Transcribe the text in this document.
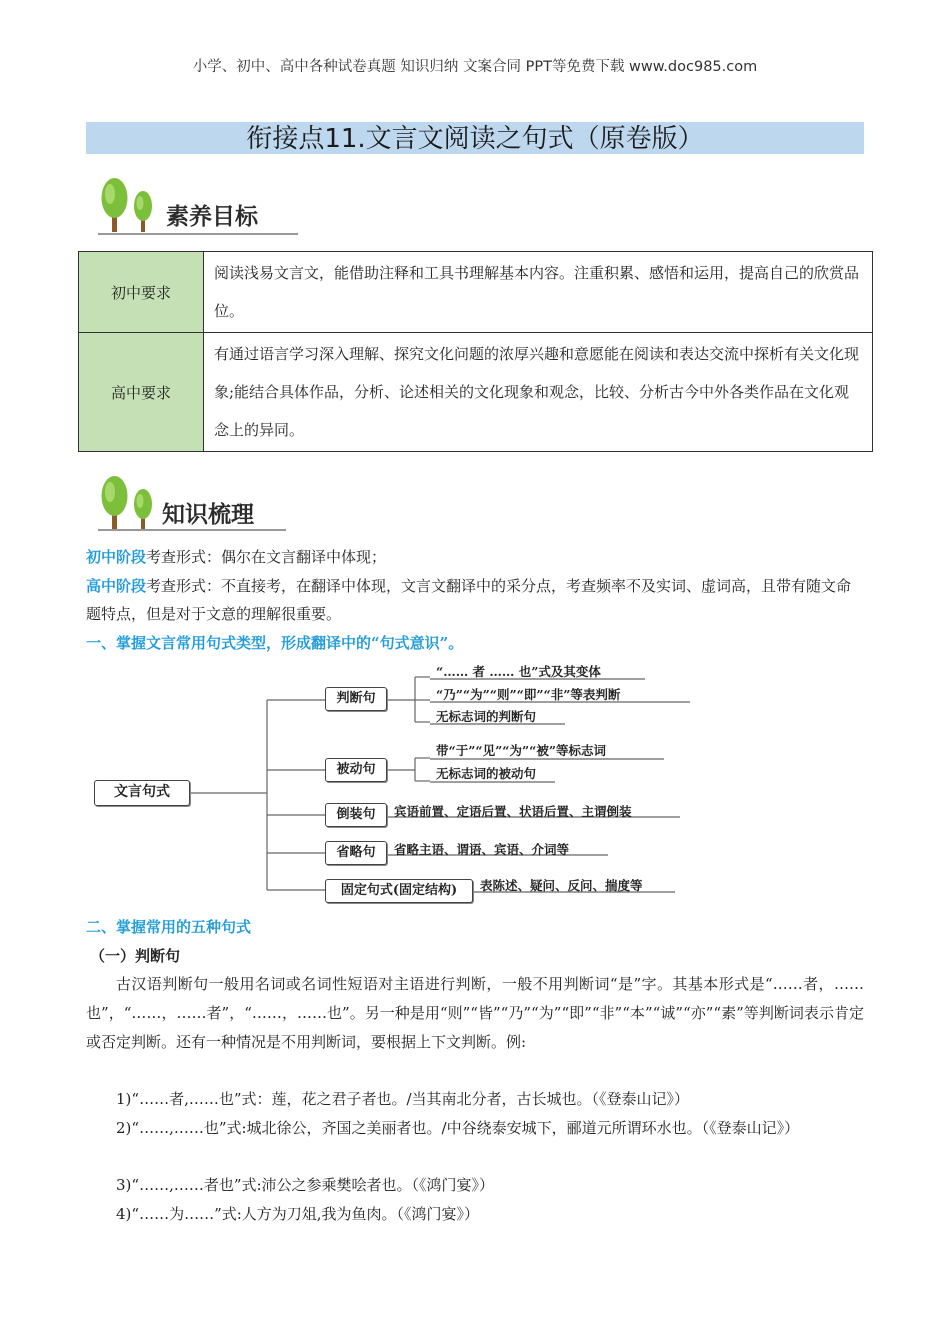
小学、初中、高中各种试卷真题 知识归纳 文案合同 PPT等免费下载 www.doc985.com
衔接点11.文言文阅读之句式（原卷版）
素养目标
初中要求	阅读浅易文言文，能借助注释和工具书理解基本内容。注重积累、感悟和运用，提高自己的欣赏品位。
高中要求	有通过语言学习深入理解、探究文化问题的浓厚兴趣和意愿能在阅读和表达交流中探析有关文化现象;能结合具体作品，分析、论述相关的文化现象和观念，比较、分析古今中外各类作品在文化观念上的异同。
知识梳理
初中阶段考查形式：偶尔在文言翻译中体现；
高中阶段考查形式：不直接考，在翻译中体现，文言文翻译中的采分点，考查频率不及实词、虚词高，且带有随文命题特点，但是对于文意的理解很重要。
一、掌握文言常用句式类型，形成翻译中的“句式意识”。
文言句式
判断句
被动句
倒装句
省略句
固定句式(固定结构)
“…… 者 …… 也”式及其变体
“乃”“为”“则”“即”“非”等表判断
无标志词的判断句
带“于”“见”“为”“被”等标志词
无标志词的被动句
宾语前置、定语后置、状语后置、主谓倒装
省略主语、谓语、宾语、介词等
表陈述、疑问、反问、揣度等
二、掌握常用的五种句式
（一）判断句
古汉语判断句一般用名词或名词性短语对主语进行判断，一般不用判断词“是”字。其基本形式是“……者，……也”，“……，……者”，“……，……也”。另一种是用“则”“皆”“乃”“为”“即”“非”“本”“诚”“亦”“素”等判断词表示肯定或否定判断。还有一种情况是不用判断词，要根据上下文判断。例:
1)“……者,……也”式：莲，花之君子者也。/当其南北分者，古长城也。（《登泰山记》）
2)“……,……也”式:城北徐公，齐国之美丽者也。/中谷绕泰安城下，郦道元所谓环水也。（《登泰山记》）
3)“……,……者也”式:沛公之参乘樊哙者也。（《鸿门宴》）
4)“……为……”式:人方为刀俎,我为鱼肉。（《鸿门宴》）
